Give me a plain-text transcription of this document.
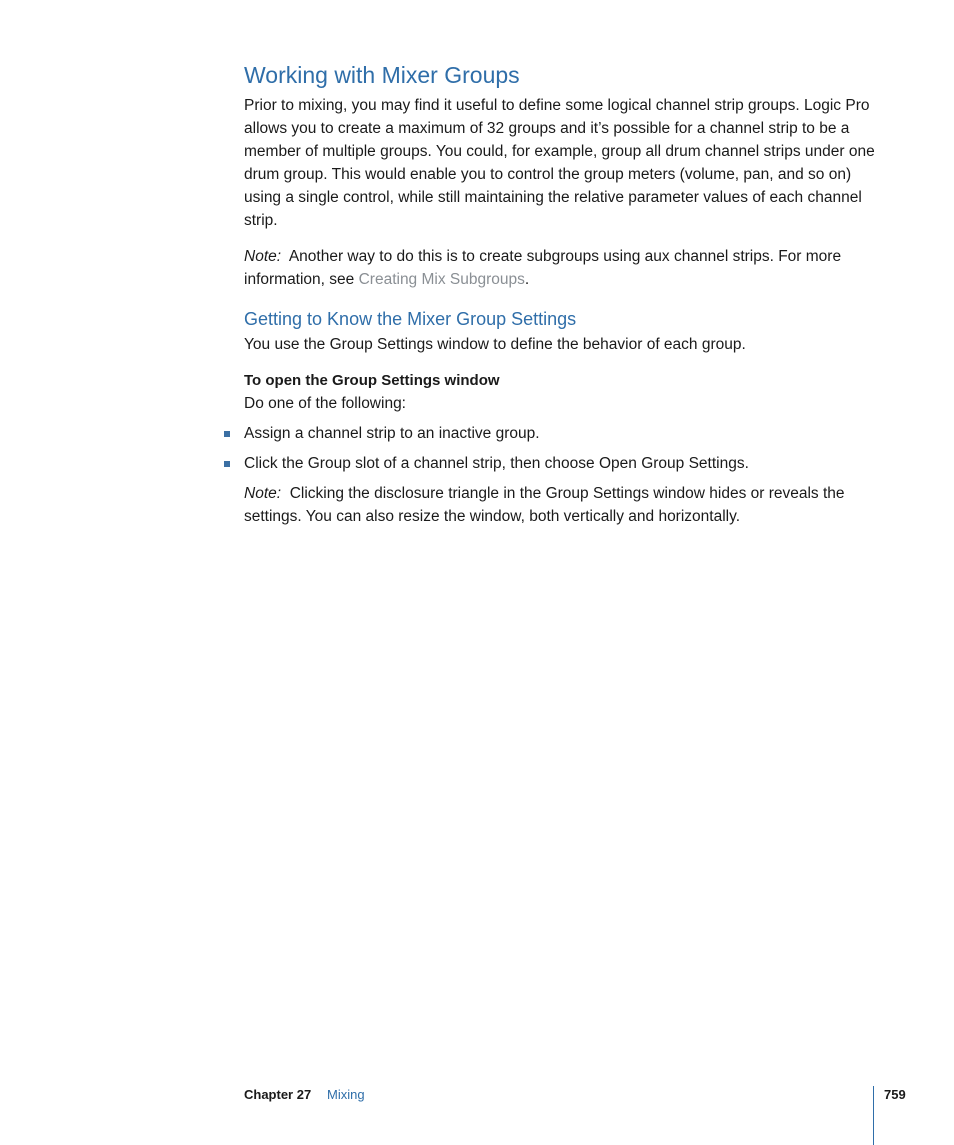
Working with Mixer Groups

Prior to mixing, you may find it useful to define some logical channel strip groups. Logic Pro allows you to create a maximum of 32 groups and it’s possible for a channel strip to be a member of multiple groups. You could, for example, group all drum channel strips under one drum group. This would enable you to control the group meters (volume, pan, and so on) using a single control, while still maintaining the relative parameter values of each channel strip.

Note: Another way to do this is to create subgroups using aux channel strips. For more information, see Creating Mix Subgroups.

Getting to Know the Mixer Group Settings

You use the Group Settings window to define the behavior of each group.

To open the Group Settings window

Do one of the following:

Assign a channel strip to an inactive group.
Click the Group slot of a channel strip, then choose Open Group Settings.

Note: Clicking the disclosure triangle in the Group Settings window hides or reveals the settings. You can also resize the window, both vertically and horizontally.

Chapter 27 Mixing	759
